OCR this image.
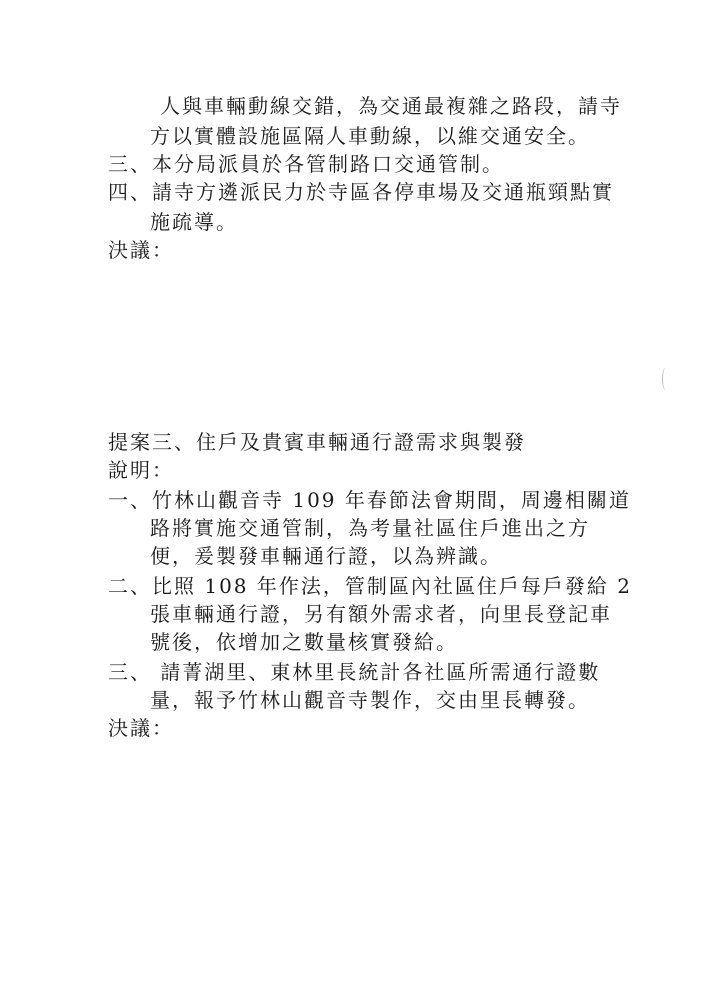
人與車輛動線交錯，為交通最複雜之路段，請寺
方以實體設施區隔人車動線，以維交通安全。
三、本分局派員於各管制路口交通管制。
四、請寺方遴派民力於寺區各停車場及交通瓶頸點實
施疏導。
決議：
提案三、住戶及貴賓車輛通行證需求與製發
說明：
一、竹林山觀音寺 109 年春節法會期間，周邊相關道
路將實施交通管制，為考量社區住戶進出之方
便，爰製發車輛通行證，以為辨識。
二、比照 108 年作法，管制區內社區住戶每戶發給 2
張車輛通行證，另有額外需求者，向里長登記車
號後，依增加之數量核實發給。
三、 請菁湖里、東林里長統計各社區所需通行證數
量，報予竹林山觀音寺製作，交由里長轉發。
決議：
